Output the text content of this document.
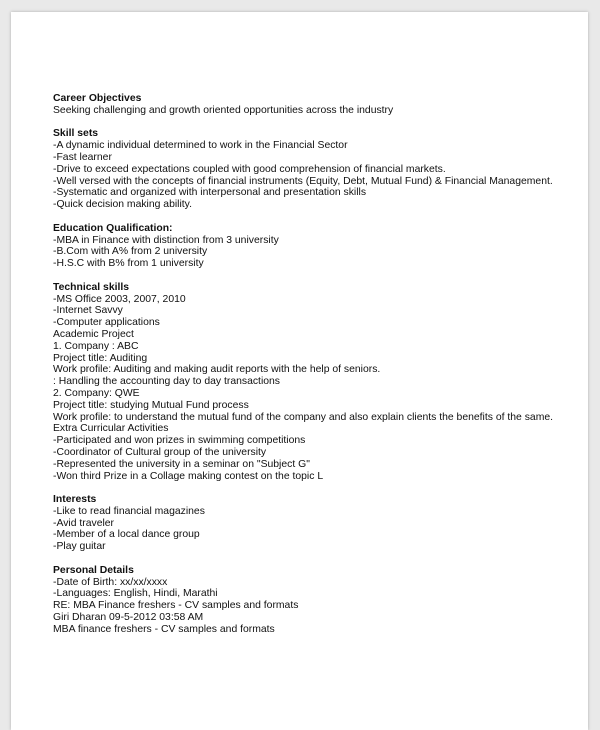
Career Objectives
Seeking challenging and growth oriented opportunities across the industry
Skill sets
-A dynamic individual determined to work in the Financial Sector
-Fast learner
-Drive to exceed expectations coupled with good comprehension of financial markets.
-Well versed with the concepts of financial instruments (Equity, Debt, Mutual Fund) & Financial Management.
-Systematic and organized with interpersonal and presentation skills
-Quick decision making ability.
Education Qualification:
-MBA in Finance with distinction from 3 university
-B.Com with A% from 2 university
-H.S.C with B% from 1 university
Technical skills
-MS Office 2003, 2007, 2010
-Internet Savvy
-Computer applications
Academic Project
1. Company : ABC
Project title: Auditing
Work profile: Auditing and making audit reports with the help of seniors.
: Handling the accounting day to day transactions
2. Company: QWE
Project title: studying Mutual Fund process
Work profile: to understand the mutual fund of the company and also explain clients the benefits of the same.
Extra Curricular Activities
-Participated and won prizes in swimming competitions
-Coordinator of Cultural group of the university
-Represented the university in a seminar on "Subject G"
-Won third Prize in a Collage making contest on the topic L
Interests
-Like to read financial magazines
-Avid traveler
-Member of a local dance group
-Play guitar
Personal Details
-Date of Birth: xx/xx/xxxx
-Languages: English, Hindi, Marathi
RE: MBA Finance freshers - CV samples and formats
Giri Dharan 09-5-2012 03:58 AM
MBA finance freshers - CV samples and formats
